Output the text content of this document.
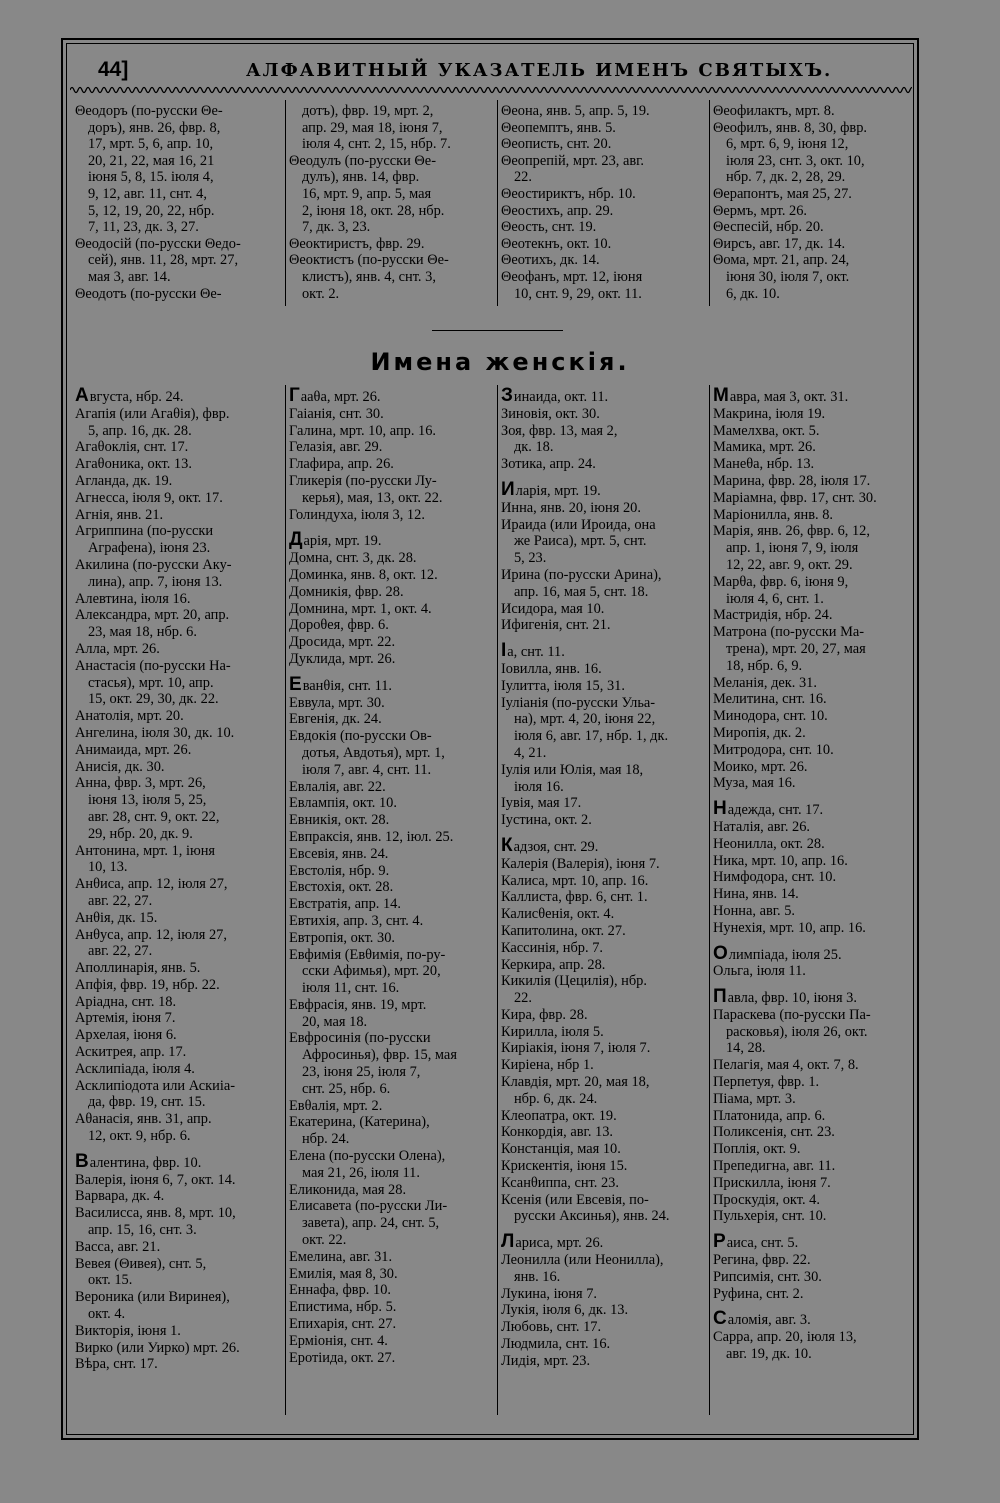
44]	АЛФАВИТНЫЙ УКАЗАТЕЛЬ ИМЕНЪ СВЯТЫХЪ.
Θеодоръ (по-русски Θе-
доръ), янв. 26, фвр. 8,
17, мрт. 5, 6, апр. 10,
20, 21, 22, мая 16, 21
iюня 5, 8, 15. iюля 4,
9, 12, авг. 11, снт. 4,
5, 12, 19, 20, 22, нбр.
7, 11, 23, дк. 3, 27.
Θеодосiй (по-русски Θедо-
сей), янв. 11, 28, мрт. 27,
мая 3, авг. 14.
Θеодотъ (по-русски Θе-
дотъ), фвр. 19, мрт. 2,
апр. 29, мая 18, iюня 7,
iюля 4, снт. 2, 15, нбр. 7.
Θеодулъ (по-русски Θе-
дулъ), янв. 14, фвр.
16, мрт. 9, апр. 5, мая
2, iюня 18, окт. 28, нбр.
7, дк. 3, 23.
Θеоктиристъ, фвр. 29.
Θеоктистъ (по-русски Θе-
клистъ), янв. 4, снт. 3,
окт. 2.
Θеона, янв. 5, апр. 5, 19.
Θеопемптъ, янв. 5.
Θеописть, снт. 20.
Θеопрепiй, мрт. 23, авг.
22.
Θеостириктъ, нбр. 10.
Θеостихъ, апр. 29.
Θеость, снт. 19.
Θеотекнъ, окт. 10.
Θеотихъ, дк. 14.
Θеофанъ, мрт. 12, iюня
10, снт. 9, 29, окт. 11.
Θеофилактъ, мрт. 8.
Θеофилъ, янв. 8, 30, фвр.
6, мрт. 6, 9, iюня 12,
iюля 23, снт. 3, окт. 10,
нбр. 7, дк. 2, 28, 29.
Θерапонтъ, мая 25, 27.
Θермъ, мрт. 26.
Θеспесiй, нбр. 20.
Θирсъ, авг. 17, дк. 14.
Θома, мрт. 21, апр. 24,
iюня 30, iюля 7, окт.
6, дк. 10.
Имена женскiя.
Августа, нбр. 24.
Агапiя (или Агаθiя), фвр.
5, апр. 16, дк. 28.
Агаθоклiя, снт. 17.
Агаθоника, окт. 13.
Агланда, дк. 19.
Агнесса, iюля 9, окт. 17.
Агнiя, янв. 21.
Агриппина (по-русски
Аграфена), iюня 23.
Акилина (по-русски Аку-
лина), апр. 7, iюня 13.
Алевтина, iюля 16.
Александра, мрт. 20, апр.
23, мая 18, нбр. 6.
Алла, мрт. 26.
Анастасiя (по-русски На-
стасья), мрт. 10, апр.
15, окт. 29, 30, дк. 22.
Анатолiя, мрт. 20.
Ангелина, iюля 30, дк. 10.
Анимаида, мрт. 26.
Анисiя, дк. 30.
Анна, фвр. 3, мрт. 26,
iюня 13, iюля 5, 25,
авг. 28, снт. 9, окт. 22,
29, нбр. 20, дк. 9.
Антонина, мрт. 1, iюня
10, 13.
Анθиса, апр. 12, iюля 27,
авг. 22, 27.
Анθiя, дк. 15.
Анθуса, апр. 12, iюля 27,
авг. 22, 27.
Аполлинарiя, янв. 5.
Апфiя, фвр. 19, нбр. 22.
Арiадна, снт. 18.
Артемiя, iюня 7.
Архелая, iюня 6.
Аскитрея, апр. 17.
Асклипiада, iюля 4.
Асклипiодота или Аскиiа-
да, фвр. 19, снт. 15.
Аθанасiя, янв. 31, апр.
12, окт. 9, нбр. 6.
Валентина, фвр. 10.
Валерiя, iюня 6, 7, окт. 14.
Варвара, дк. 4.
Василисса, янв. 8, мрт. 10,
апр. 15, 16, снт. 3.
Васса, авг. 21.
Вевея (Θивея), снт. 5,
окт. 15.
Вероника (или Виринея),
окт. 4.
Викторiя, iюня 1.
Вирко (или Уирко) мрт. 26.
Вѣра, снт. 17.
Гааθа, мрт. 26.
Гаiанiя, снт. 30.
Галина, мрт. 10, апр. 16.
Гелазiя, авг. 29.
Глафира, апр. 26.
Гликерiя (по-русски Лу-
керья), мая, 13, окт. 22.
Голиндуха, iюля 3, 12.
Дарiя, мрт. 19.
Домна, снт. 3, дк. 28.
Доминка, янв. 8, окт. 12.
Домникiя, фвр. 28.
Домнина, мрт. 1, окт. 4.
Дороθея, фвр. 6.
Дросида, мрт. 22.
Дуклида, мрт. 26.
Еванθiя, снт. 11.
Еввула, мрт. 30.
Евгенiя, дк. 24.
Евдокiя (по-русски Ов-
дотья, Авдотья), мрт. 1,
iюля 7, авг. 4, снт. 11.
Евлалiя, авг. 22.
Евлампiя, окт. 10.
Евникiя, окт. 28.
Евпраксiя, янв. 12, iюл. 25.
Евсевiя, янв. 24.
Евстолiя, нбр. 9.
Евстохiя, окт. 28.
Евстратiя, апр. 14.
Евтихiя, апр. 3, снт. 4.
Евтропiя, окт. 30.
Евфимiя (Евθимiя, по-ру-
сски Афимья), мрт. 20,
iюля 11, снт. 16.
Евфрасiя, янв. 19, мрт.
20, мая 18.
Евфросинiя (по-русски
Афросинья), фвр. 15, мая
23, iюня 25, iюля 7,
снт. 25, нбр. 6.
Евθалiя, мрт. 2.
Екатерина, (Катерина),
нбр. 24.
Елена (по-русски Олена),
мая 21, 26, iюля 11.
Еликонида, мая 28.
Елисавета (по-русски Ли-
завета), апр. 24, снт. 5,
окт. 22.
Емелина, авг. 31.
Емилiя, мая 8, 30.
Еннафа, фвр. 10.
Епистима, нбр. 5.
Епихарiя, снт. 27.
Ермiонiя, снт. 4.
Еротiида, окт. 27.
Зинаида, окт. 11.
Зиновiя, окт. 30.
Зоя, фвр. 13, мая 2,
дк. 18.
Зотика, апр. 24.
Иларiя, мрт. 19.
Инна, янв. 20, iюня 20.
Ираида (или Ироида, она
же Раиса), мрт. 5, снт.
5, 23.
Ирина (по-русски Арина),
апр. 16, мая 5, снт. 18.
Исидора, мая 10.
Ифигенiя, снт. 21.
Iа, снт. 11.
Iовилла, янв. 16.
Iулитта, iюля 15, 31.
Iулiанiя (по-русски Ульа-
на), мрт. 4, 20, iюня 22,
iюля 6, авг. 17, нбр. 1, дк.
4, 21.
Iулiя или Юлiя, мая 18,
iюля 16.
Iувiя, мая 17.
Iустина, окт. 2.
Кадзоя, снт. 29.
Калерiя (Валерiя), iюня 7.
Калиса, мрт. 10, апр. 16.
Каллиста, фвр. 6, снт. 1.
Калисθенiя, окт. 4.
Капитолина, окт. 27.
Кассинiя, нбр. 7.
Керкира, апр. 28.
Кикилiя (Цецилiя), нбр.
22.
Кира, фвр. 28.
Кирилла, iюля 5.
Кирiакiя, iюня 7, iюля 7.
Кирiена, нбр 1.
Клавдiя, мрт. 20, мая 18,
нбр. 6, дк. 24.
Клеопатра, окт. 19.
Конкордiя, авг. 13.
Констанцiя, мая 10.
Крискентiя, iюня 15.
Ксанθиппа, снт. 23.
Ксенiя (или Евсевiя, по-
русски Аксинья), янв. 24.
Лариса, мрт. 26.
Леонилла (или Неонилла),
янв. 16.
Лукина, iюня 7.
Лукiя, iюля 6, дк. 13.
Любовь, снт. 17.
Людмила, снт. 16.
Лидiя, мрт. 23.
Мавра, мая 3, окт. 31.
Макрина, iюля 19.
Мамелхва, окт. 5.
Мамика, мрт. 26.
Манеθа, нбр. 13.
Марина, фвр. 28, iюля 17.
Марiамна, фвр. 17, снт. 30.
Марiонилла, янв. 8.
Марiя, янв. 26, фвр. 6, 12,
апр. 1, iюня 7, 9, iюля
12, 22, авг. 9, окт. 29.
Марθа, фвр. 6, iюня 9,
iюля 4, 6, снт. 1.
Мастридiя, нбр. 24.
Матрона (по-русски Ма-
трена), мрт. 20, 27, мая
18, нбр. 6, 9.
Меланiя, дек. 31.
Мелитина, снт. 16.
Минодора, снт. 10.
Миропiя, дк. 2.
Митродора, снт. 10.
Моико, мрт. 26.
Муза, мая 16.
Надежда, снт. 17.
Наталiя, авг. 26.
Неонилла, окт. 28.
Ника, мрт. 10, апр. 16.
Нимфодора, снт. 10.
Нина, янв. 14.
Нонна, авг. 5.
Нунехiя, мрт. 10, апр. 16.
Олимпiада, iюля 25.
Ольга, iюля 11.
Павла, фвр. 10, iюня 3.
Параскева (по-русски Па-
расковья), iюля 26, окт.
14, 28.
Пелагiя, мая 4, окт. 7, 8.
Перпетуя, фвр. 1.
Пiама, мрт. 3.
Платонида, апр. 6.
Поликсенiя, снт. 23.
Поплiя, окт. 9.
Препедигна, авг. 11.
Прискилла, iюня 7.
Проскудiя, окт. 4.
Пульхерiя, снт. 10.
Раиса, снт. 5.
Регина, фвр. 22.
Рипсимiя, снт. 30.
Руфина, снт. 2.
Саломiя, авг. 3.
Сарра, апр. 20, iюля 13,
авг. 19, дк. 10.
